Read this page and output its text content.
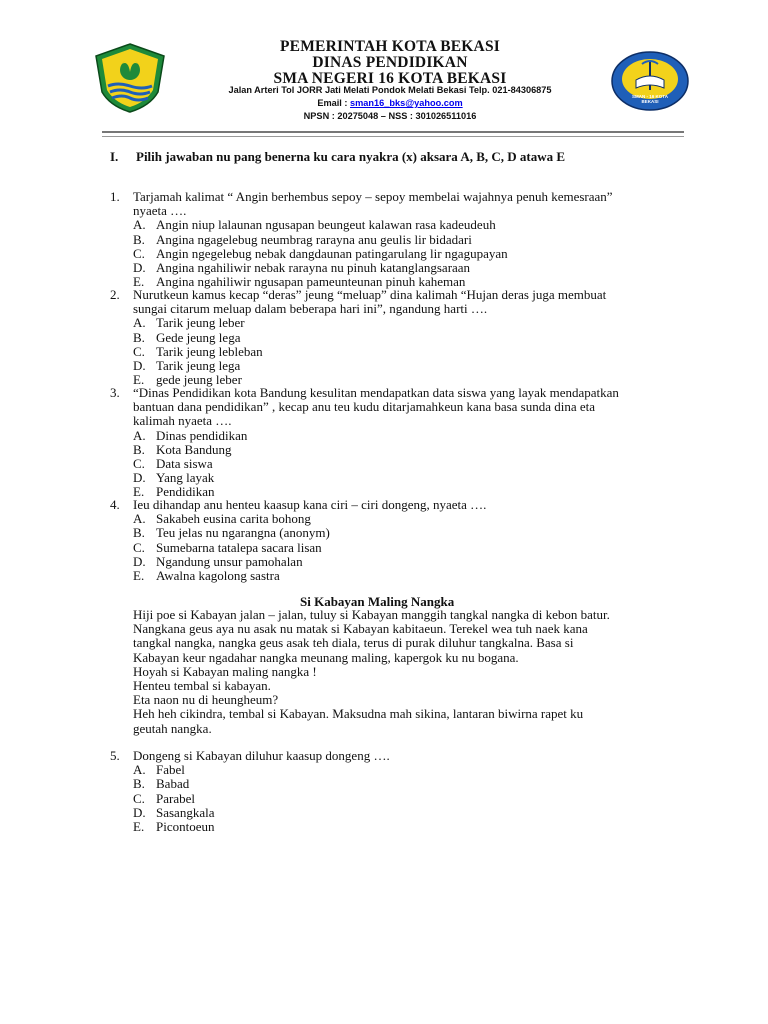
PEMERINTAH KOTA BEKASI
DINAS PENDIDIKAN
SMA NEGERI 16 KOTA BEKASI
Jalan Arteri Tol JORR Jati Melati Pondok Melati Bekasi Telp. 021-84306875
Email : sman16_bks@yahoo.com
NPSN : 20275048 – NSS : 301026511016
SMAN - 16 KOTA BEKASI
I. Pilih jawaban nu pang benerna ku cara nyakra (x) aksara A, B, C, D atawa E
1. Tarjamah kalimat “ Angin berhembus sepoy – sepoy membelai wajahnya penuh kemesraan”
nyaeta ….
A. Angin niup lalaunan ngusapan beungeut kalawan rasa kadeudeuh
B. Angina ngagelebug neumbrag rarayna anu geulis lir bidadari
C. Angin ngegelebug nebak dangdaunan patingarulang lir ngagupayan
D. Angina ngahiliwir nebak rarayna nu pinuh katanglangsaraan
E. Angina ngahiliwir ngusapan pameunteunan pinuh kaheman
2. Nurutkeun kamus kecap “deras” jeung “meluap” dina kalimah “Hujan deras juga membuat
sungai citarum meluap dalam beberapa hari ini”, ngandung harti ….
A. Tarik jeung leber
B. Gede jeung lega
C. Tarik jeung lebleban
D. Tarik jeung lega
E. gede jeung leber
3. “Dinas Pendidikan kota Bandung kesulitan mendapatkan data siswa yang layak mendapatkan
bantuan dana pendidikan” , kecap anu teu kudu ditarjamahkeun kana basa sunda dina eta
kalimah nyaeta ….
A. Dinas pendidikan
B. Kota Bandung
C. Data siswa
D. Yang layak
E. Pendidikan
4. Ieu dihandap anu henteu kaasup kana ciri – ciri dongeng, nyaeta ….
A. Sakabeh eusina carita bohong
B. Teu jelas nu ngarangna (anonym)
C. Sumebarna tatalepa sacara lisan
D. Ngandung unsur pamohalan
E. Awalna kagolong sastra
Si Kabayan Maling Nangka
Hiji poe si Kabayan jalan – jalan, tuluy si Kabayan manggih tangkal nangka di kebon batur.
Nangkana geus aya nu asak nu matak si Kabayan kabitaeun. Terekel wea tuh naek kana
tangkal nangka, nangka geus asak teh diala, terus di purak diluhur tangkalna. Basa si
Kabayan keur ngadahar nangka meunang maling, kapergok ku nu bogana.
Hoyah si Kabayan maling nangka !
Henteu tembal si kabayan.
Eta naon nu di heungheum?
Heh heh cikindra, tembal si Kabayan. Maksudna mah sikina, lantaran biwirna rapet ku
geutah nangka.
5. Dongeng si Kabayan diluhur kaasup dongeng ….
A. Fabel
B. Babad
C. Parabel
D. Sasangkala
E. Picontoeun
